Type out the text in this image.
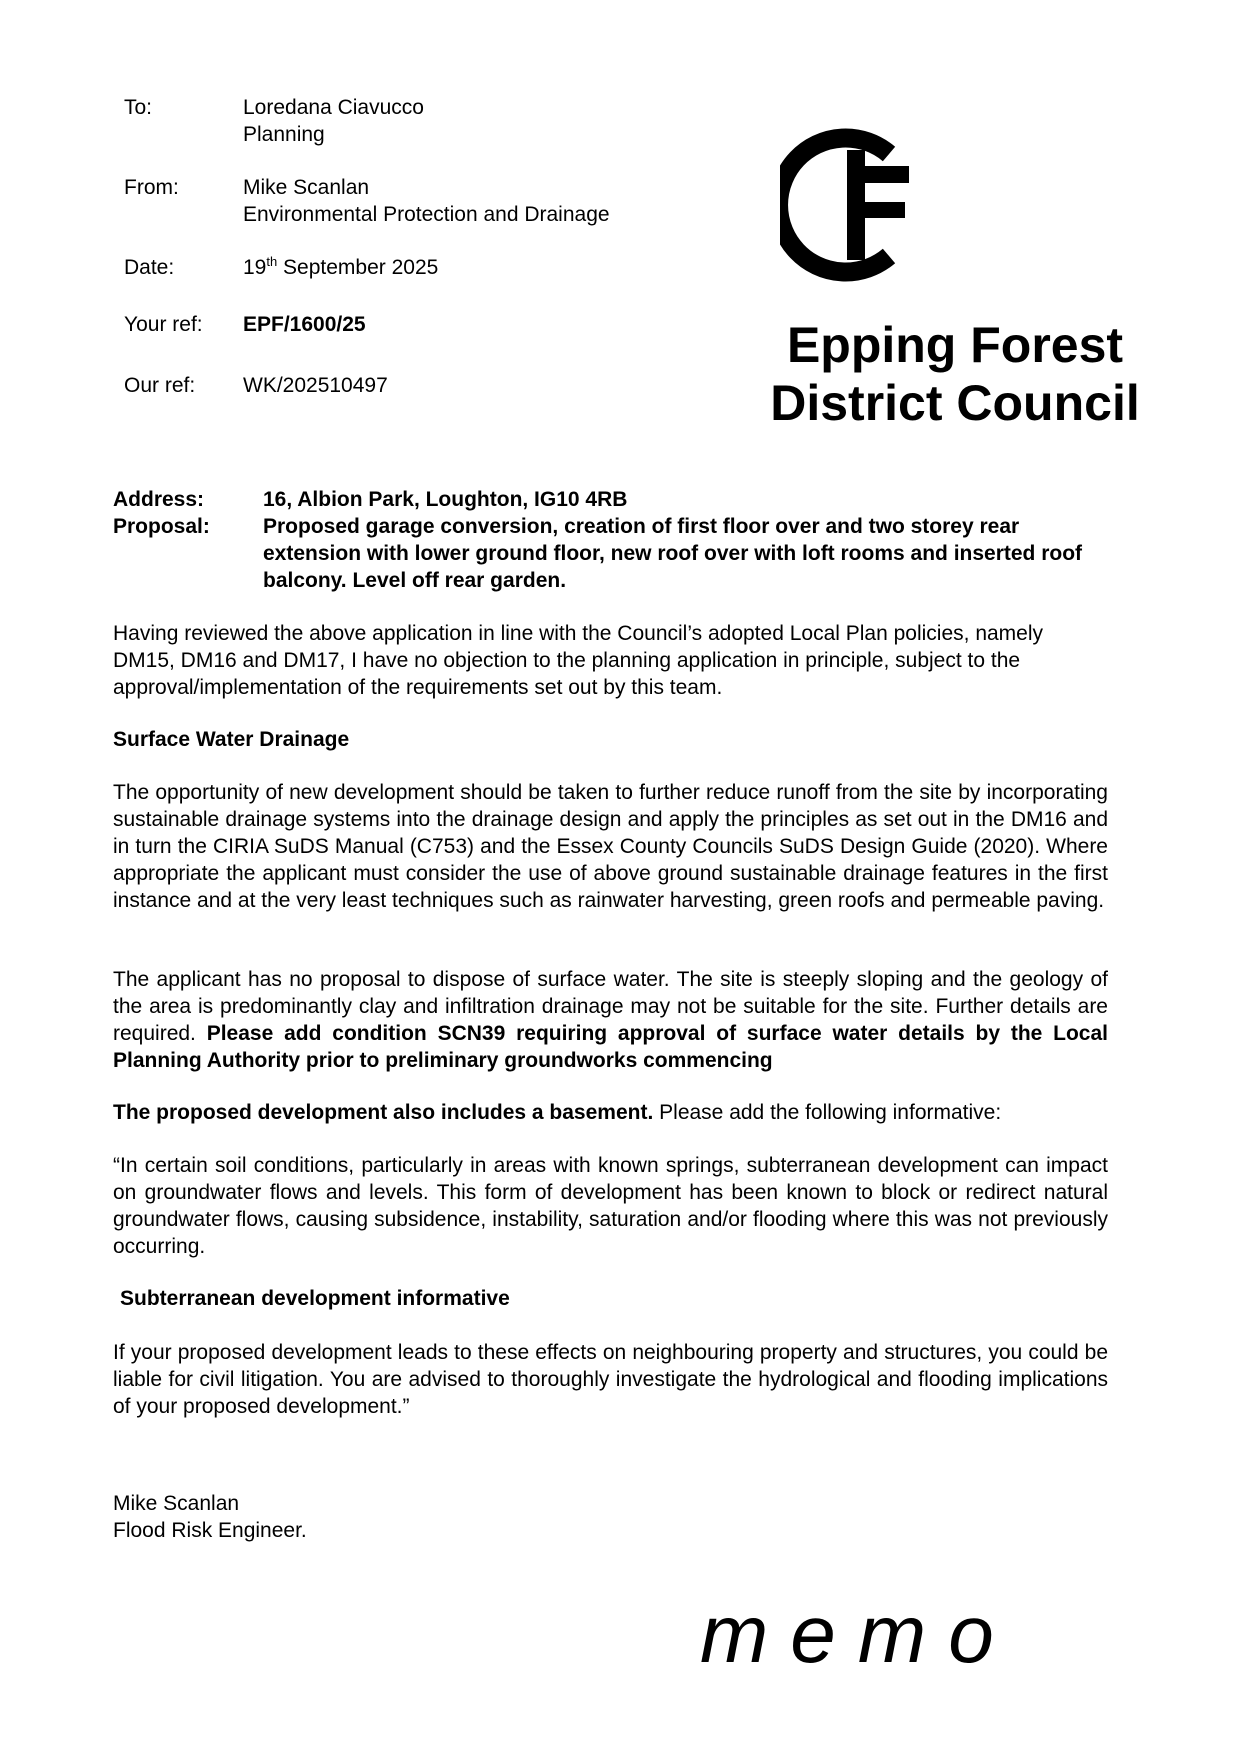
To:	Loredana Ciavucco
Planning
From:	Mike Scanlan
Environmental Protection and Drainage
Date:	19th September 2025
Your ref: EPF/1600/25
Our ref: WK/202510497
Epping Forest
District Council
Address:	16, Albion Park, Loughton, IG10 4RB
Proposal:	Proposed garage conversion, creation of first floor over and two storey rear extension with lower ground floor, new roof over with loft rooms and inserted roof balcony. Level off rear garden.
Having reviewed the above application in line with the Council’s adopted Local Plan policies, namely DM15, DM16 and DM17, I have no objection to the planning application in principle, subject to the approval/implementation of the requirements set out by this team.
Surface Water Drainage
The opportunity of new development should be taken to further reduce runoff from the site by incorporating sustainable drainage systems into the drainage design and apply the principles as set out in the DM16 and in turn the CIRIA SuDS Manual (C753) and the Essex County Councils SuDS Design Guide (2020). Where appropriate the applicant must consider the use of above ground sustainable drainage features in the first instance and at the very least techniques such as rainwater harvesting, green roofs and permeable paving.
The applicant has no proposal to dispose of surface water. The site is steeply sloping and the geology of the area is predominantly clay and infiltration drainage may not be suitable for the site. Further details are required. Please add condition SCN39 requiring approval of surface water details by the Local Planning Authority prior to preliminary groundworks commencing
The proposed development also includes a basement. Please add the following informative:
“In certain soil conditions, particularly in areas with known springs, subterranean development can impact on groundwater flows and levels. This form of development has been known to block or redirect natural groundwater flows, causing subsidence, instability, saturation and/or flooding where this was not previously occurring.
Subterranean development informative
If your proposed development leads to these effects on neighbouring property and structures, you could be liable for civil litigation. You are advised to thoroughly investigate the hydrological and flooding implications of your proposed development.”
Mike Scanlan
Flood Risk Engineer.
memo
